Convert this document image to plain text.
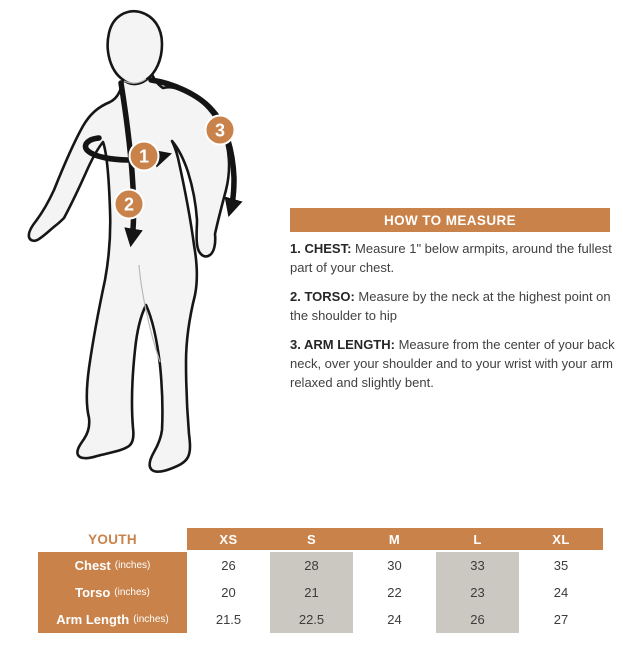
1
2
3
HOW TO MEASURE

1. CHEST: Measure 1" below armpits, around the fullest part of your chest.

2. TORSO: Measure by the neck at the highest point on the shoulder to hip

3. ARM LENGTH: Measure from the center of your back neck, over your shoulder and to your wrist with your arm relaxed and slightly bent.

YOUTH	XS	S	M	L	XL
Chest (inches)	26	28	30	33	35
Torso (inches)	20	21	22	23	24
Arm Length (inches)	21.5	22.5	24	26	27
